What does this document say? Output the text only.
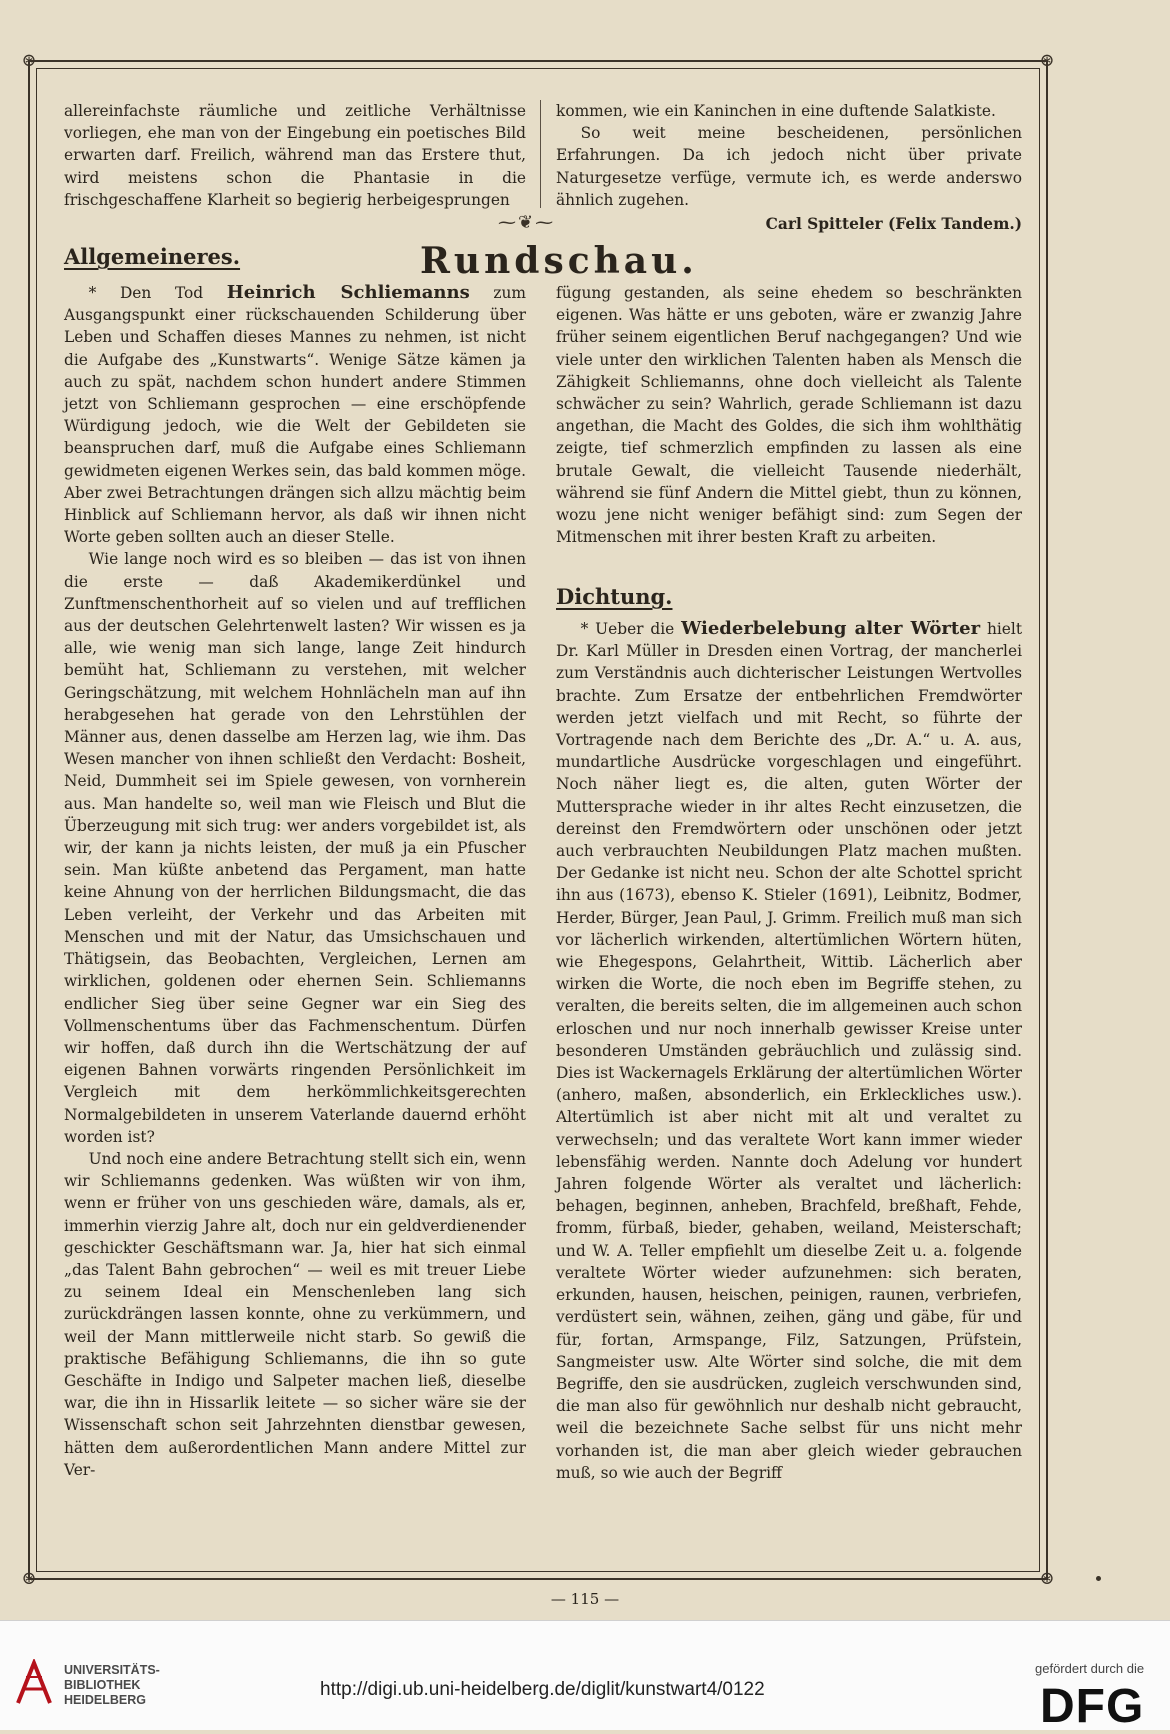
⊛	⊛
⊛	⊛

allereinfachste räumliche und zeitliche Verhältnisse vorliegen, ehe man von der Eingebung ein poetisches Bild erwarten darf. Freilich, während man das Erstere thut, wird meistens schon die Phantasie in die frischgeschaffene Klarheit so begierig herbeigesprungen

kommen, wie ein Kaninchen in eine duftende Salatkiste.

So weit meine bescheidenen, persönlichen Erfahrungen. Da ich jedoch nicht über private Naturgesetze verfüge, vermute ich, es werde anderswo ähnlich zugehen.

Carl Spitteler (Felix Tandem.)
⁓❦⁓
Allgemeineres.	Rundschau.

* Den Tod Heinrich Schliemanns zum Ausgangspunkt einer rückschauenden Schilderung über Leben und Schaffen dieses Mannes zu nehmen, ist nicht die Aufgabe des „Kunstwarts“. Wenige Sätze kämen ja auch zu spät, nachdem schon hundert andere Stimmen jetzt von Schliemann gesprochen — eine erschöpfende Würdigung jedoch, wie die Welt der Gebildeten sie beanspruchen darf, muß die Aufgabe eines Schliemann gewidmeten eigenen Werkes sein, das bald kommen möge. Aber zwei Betrachtungen drängen sich allzu mächtig beim Hinblick auf Schliemann hervor, als daß wir ihnen nicht Worte geben sollten auch an dieser Stelle.

Wie lange noch wird es so bleiben — das ist von ihnen die erste — daß Akademikerdünkel und Zunftmenschenthorheit auf so vielen und auf trefflichen aus der deutschen Gelehrtenwelt lasten? Wir wissen es ja alle, wie wenig man sich lange, lange Zeit hindurch bemüht hat, Schliemann zu verstehen, mit welcher Geringschätzung, mit welchem Hohnlächeln man auf ihn herabgesehen hat gerade von den Lehrstühlen der Männer aus, denen dasselbe am Herzen lag, wie ihm. Das Wesen mancher von ihnen schließt den Verdacht: Bosheit, Neid, Dummheit sei im Spiele gewesen, von vornherein aus. Man handelte so, weil man wie Fleisch und Blut die Überzeugung mit sich trug: wer anders vorgebildet ist, als wir, der kann ja nichts leisten, der muß ja ein Pfuscher sein. Man küßte anbetend das Pergament, man hatte keine Ahnung von der herrlichen Bildungsmacht, die das Leben verleiht, der Verkehr und das Arbeiten mit Menschen und mit der Natur, das Umsichschauen und Thätigsein, das Beobachten, Vergleichen, Lernen am wirklichen, goldenen oder ehernen Sein. Schliemanns endlicher Sieg über seine Gegner war ein Sieg des Vollmenschentums über das Fachmenschentum. Dürfen wir hoffen, daß durch ihn die Wertschätzung der auf eigenen Bahnen vorwärts ringenden Persönlichkeit im Vergleich mit dem herkömmlichkeitsgerechten Normalgebildeten in unserem Vaterlande dauernd erhöht worden ist?

Und noch eine andere Betrachtung stellt sich ein, wenn wir Schliemanns gedenken. Was wüßten wir von ihm, wenn er früher von uns geschieden wäre, damals, als er, immerhin vierzig Jahre alt, doch nur ein geldverdienender geschickter Geschäftsmann war. Ja, hier hat sich einmal „das Talent Bahn gebrochen“ — weil es mit treuer Liebe zu seinem Ideal ein Menschenleben lang sich zurückdrängen lassen konnte, ohne zu verkümmern, und weil der Mann mittlerweile nicht starb. So gewiß die praktische Befähigung Schliemanns, die ihn so gute Geschäfte in Indigo und Salpeter machen ließ, dieselbe war, die ihn in Hissarlik leitete — so sicher wäre sie der Wissenschaft schon seit Jahrzehnten dienstbar gewesen, hätten dem außerordentlichen Mann andere Mittel zur Ver-

fügung gestanden, als seine ehedem so beschränkten eigenen. Was hätte er uns geboten, wäre er zwanzig Jahre früher seinem eigentlichen Beruf nachgegangen? Und wie viele unter den wirklichen Talenten haben als Mensch die Zähigkeit Schliemanns, ohne doch vielleicht als Talente schwächer zu sein? Wahrlich, gerade Schliemann ist dazu angethan, die Macht des Goldes, die sich ihm wohlthätig zeigte, tief schmerzlich empfinden zu lassen als eine brutale Gewalt, die vielleicht Tausende niederhält, während sie fünf Andern die Mittel giebt, thun zu können, wozu jene nicht weniger befähigt sind: zum Segen der Mitmenschen mit ihrer besten Kraft zu arbeiten.

Dichtung.

* Ueber die Wiederbelebung alter Wörter hielt Dr. Karl Müller in Dresden einen Vortrag, der mancherlei zum Verständnis auch dichterischer Leistungen Wertvolles brachte. Zum Ersatze der entbehrlichen Fremdwörter werden jetzt vielfach und mit Recht, so führte der Vortragende nach dem Berichte des „Dr. A.“ u. A. aus, mundartliche Ausdrücke vorgeschlagen und eingeführt. Noch näher liegt es, die alten, guten Wörter der Muttersprache wieder in ihr altes Recht einzusetzen, die dereinst den Fremdwörtern oder unschönen oder jetzt auch verbrauchten Neubildungen Platz machen mußten. Der Gedanke ist nicht neu. Schon der alte Schottel spricht ihn aus (1673), ebenso K. Stieler (1691), Leibnitz, Bodmer, Herder, Bürger, Jean Paul, J. Grimm. Freilich muß man sich vor lächerlich wirkenden, altertümlichen Wörtern hüten, wie Ehegespons, Gelahrtheit, Wittib. Lächerlich aber wirken die Worte, die noch eben im Begriffe stehen, zu veralten, die bereits selten, die im allgemeinen auch schon erloschen und nur noch innerhalb gewisser Kreise unter besonderen Umständen gebräuchlich und zulässig sind. Dies ist Wackernagels Erklärung der altertümlichen Wörter (anhero, maßen, absonderlich, ein Erkleckliches usw.). Altertümlich ist aber nicht mit alt und veraltet zu verwechseln; und das veraltete Wort kann immer wieder lebensfähig werden. Nannte doch Adelung vor hundert Jahren folgende Wörter als veraltet und lächerlich: behagen, beginnen, anheben, Brachfeld, breßhaft, Fehde, fromm, fürbaß, bieder, gehaben, weiland, Meisterschaft; und W. A. Teller empfiehlt um dieselbe Zeit u. a. folgende veraltete Wörter wieder aufzunehmen: sich beraten, erkunden, hausen, heischen, peinigen, raunen, verbriefen, verdüstert sein, wähnen, zeihen, gäng und gäbe, für und für, fortan, Armspange, Filz, Satzungen, Prüfstein, Sangmeister usw. Alte Wörter sind solche, die mit dem Begriffe, den sie ausdrücken, zugleich verschwunden sind, die man also für gewöhnlich nur deshalb nicht gebraucht, weil die bezeichnete Sache selbst für uns nicht mehr vorhanden ist, die man aber gleich wieder gebrauchen muß, so wie auch der Begriff

— 115 —
UNIVERSITÄTS-
BIBLIOTHEK
HEIDELBERG	http://digi.ub.uni-heidelberg.de/diglit/kunstwart4/0122
gefördert durch die
DFG
